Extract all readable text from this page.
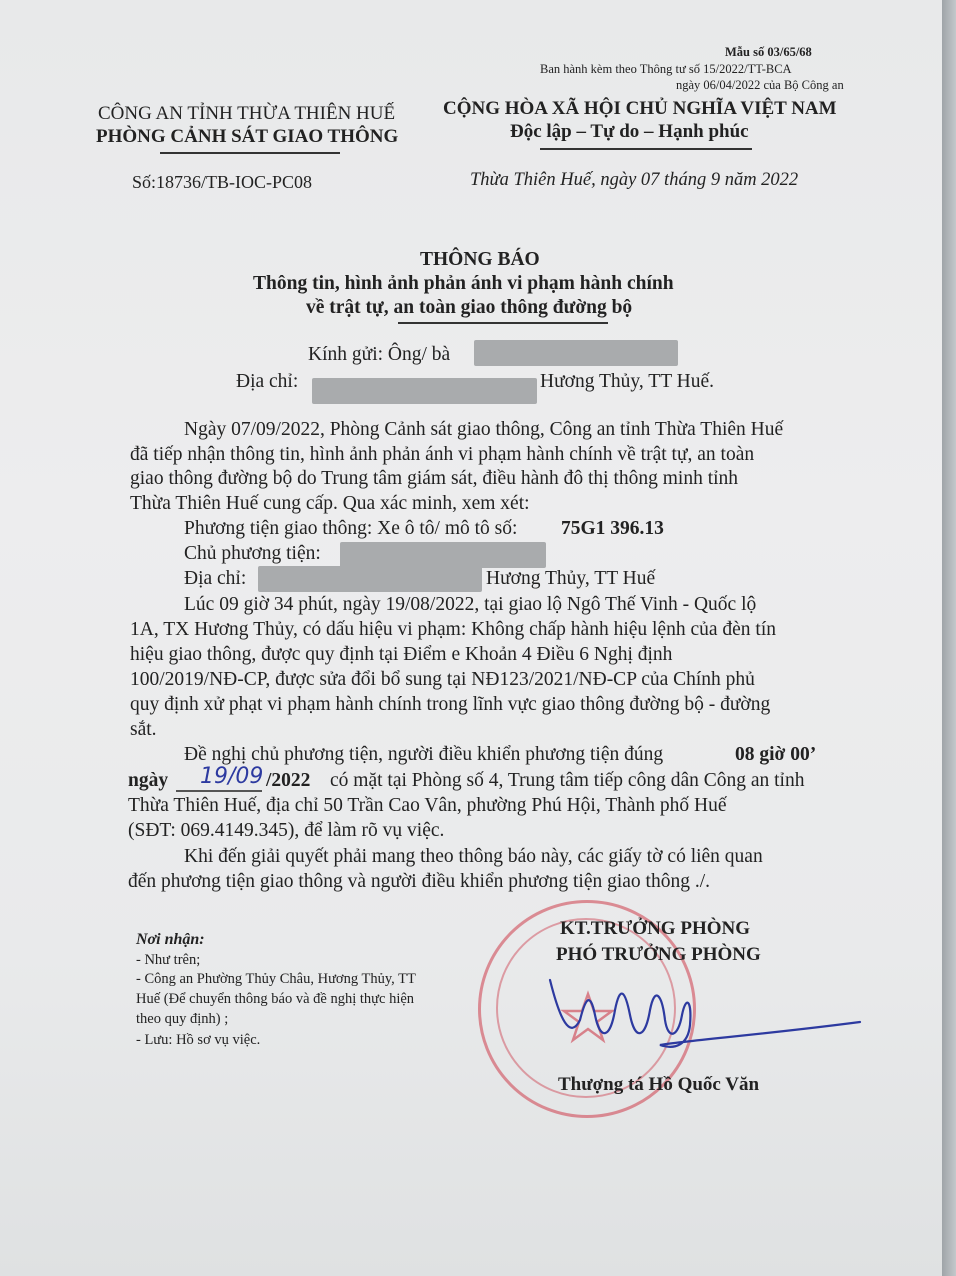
Mẫu số 03/65/68
Ban hành kèm theo Thông tư số 15/2022/TT-BCA
ngày 06/04/2022 của Bộ Công an
CÔNG AN TỈNH THỪA THIÊN HUẾ
PHÒNG CẢNH SÁT GIAO THÔNG
Số:18736/TB-IOC-PC08
CỘNG HÒA XÃ HỘI CHỦ NGHĨA VIỆT NAM
Độc lập – Tự do – Hạnh phúc
Thừa Thiên Huế, ngày 07 tháng 9 năm 2022
THÔNG BÁO
Thông tin, hình ảnh phản ánh vi phạm hành chính
về trật tự, an toàn giao thông đường bộ
Kính gửi: Ông/ bà
Địa chỉ:	Hương Thủy, TT Huế.
Ngày 07/09/2022, Phòng Cảnh sát giao thông, Công an tỉnh Thừa Thiên Huế
đã tiếp nhận thông tin, hình ảnh phản ánh vi phạm hành chính về trật tự, an toàn
giao thông đường bộ do Trung tâm giám sát, điều hành đô thị thông minh tỉnh
Thừa Thiên Huế cung cấp. Qua xác minh, xem xét:
Phương tiện giao thông: Xe ô tô/ mô tô số: 75G1 396.13
Chủ phương tiện:
Địa chỉ:	Hương Thủy, TT Huế
Lúc 09 giờ 34 phút, ngày 19/08/2022, tại giao lộ Ngô Thế Vinh - Quốc lộ
1A, TX Hương Thủy, có dấu hiệu vi phạm: Không chấp hành hiệu lệnh của đèn tín
hiệu giao thông, được quy định tại Điểm e Khoản 4 Điều 6 Nghị định
100/2019/NĐ-CP, được sửa đổi bổ sung tại NĐ123/2021/NĐ-CP của Chính phủ
quy định xử phạt vi phạm hành chính trong lĩnh vực giao thông đường bộ - đường
sắt.
Đề nghị chủ phương tiện, người điều khiển phương tiện đúng	08 giờ 00’
ngày 19/09 /2022 có mặt tại Phòng số 4, Trung tâm tiếp công dân Công an tỉnh
Thừa Thiên Huế, địa chỉ 50 Trần Cao Vân, phường Phú Hội, Thành phố Huế
(SĐT: 069.4149.345), để làm rõ vụ việc.
Khi đến giải quyết phải mang theo thông báo này, các giấy tờ có liên quan
đến phương tiện giao thông và người điều khiển phương tiện giao thông ./.
Nơi nhận:
- Như trên;
- Công an Phường Thủy Châu, Hương Thủy, TT
Huế (Để chuyển thông báo và đề nghị thực hiện
theo quy định) ;
- Lưu: Hồ sơ vụ việc.
KT.TRƯỞNG PHÒNG
PHÓ TRƯỞNG PHÒNG
Thượng tá Hồ Quốc Văn
